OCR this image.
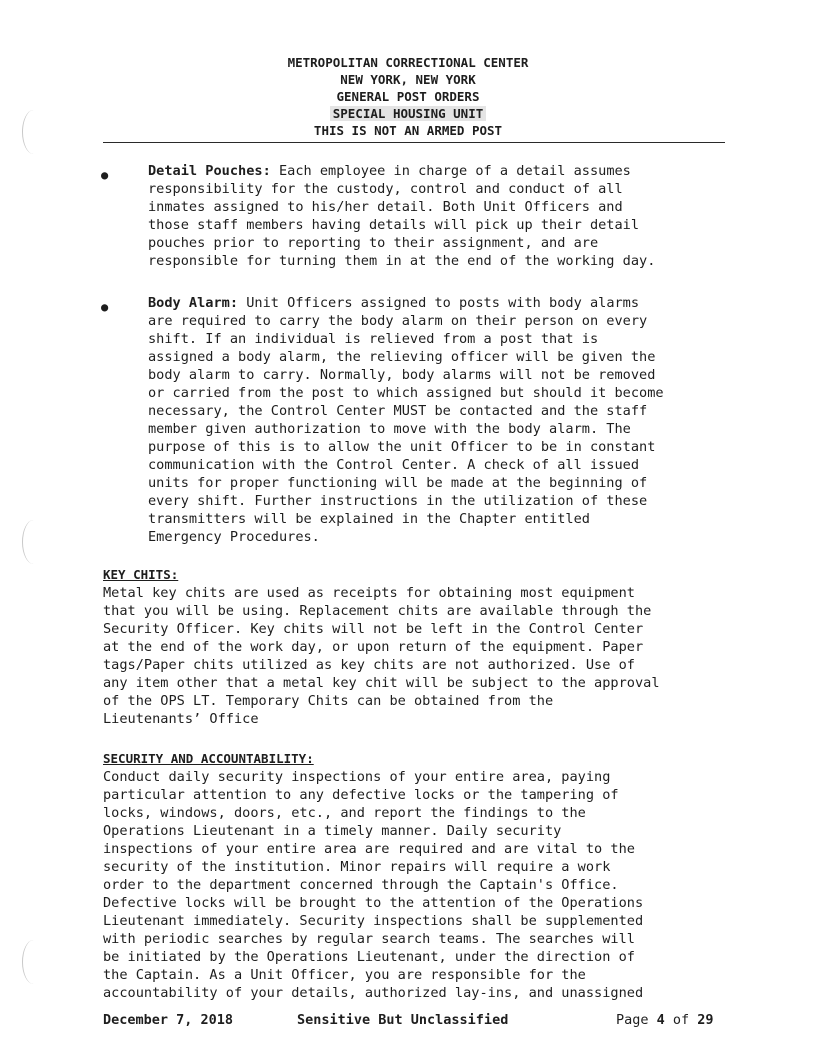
METROPOLITAN CORRECTIONAL CENTER
NEW YORK, NEW YORK
GENERAL POST ORDERS
SPECIAL HOUSING UNIT
THIS IS NOT AN ARMED POST
●	Detail Pouches: Each employee in charge of a detail assumes
responsibility for the custody, control and conduct of all
inmates assigned to his/her detail. Both Unit Officers and
those staff members having details will pick up their detail
pouches prior to reporting to their assignment, and are
responsible for turning them in at the end of the working day.
●	Body Alarm: Unit Officers assigned to posts with body alarms
are required to carry the body alarm on their person on every
shift. If an individual is relieved from a post that is
assigned a body alarm, the relieving officer will be given the
body alarm to carry. Normally, body alarms will not be removed
or carried from the post to which assigned but should it become
necessary, the Control Center MUST be contacted and the staff
member given authorization to move with the body alarm. The
purpose of this is to allow the unit Officer to be in constant
communication with the Control Center. A check of all issued
units for proper functioning will be made at the beginning of
every shift. Further instructions in the utilization of these
transmitters will be explained in the Chapter entitled
Emergency Procedures.
KEY CHITS:
Metal key chits are used as receipts for obtaining most equipment
that you will be using. Replacement chits are available through the
Security Officer. Key chits will not be left in the Control Center
at the end of the work day, or upon return of the equipment. Paper
tags/Paper chits utilized as key chits are not authorized. Use of
any item other that a metal key chit will be subject to the approval
of the OPS LT. Temporary Chits can be obtained from the
Lieutenants’ Office
SECURITY AND ACCOUNTABILITY:
Conduct daily security inspections of your entire area, paying
particular attention to any defective locks or the tampering of
locks, windows, doors, etc., and report the findings to the
Operations Lieutenant in a timely manner. Daily security
inspections of your entire area are required and are vital to the
security of the institution. Minor repairs will require a work
order to the department concerned through the Captain's Office.
Defective locks will be brought to the attention of the Operations
Lieutenant immediately. Security inspections shall be supplemented
with periodic searches by regular search teams. The searches will
be initiated by the Operations Lieutenant, under the direction of
the Captain. As a Unit Officer, you are responsible for the
accountability of your details, authorized lay-ins, and unassigned
December 7, 2018	Sensitive But Unclassified	Page 4 of 29
